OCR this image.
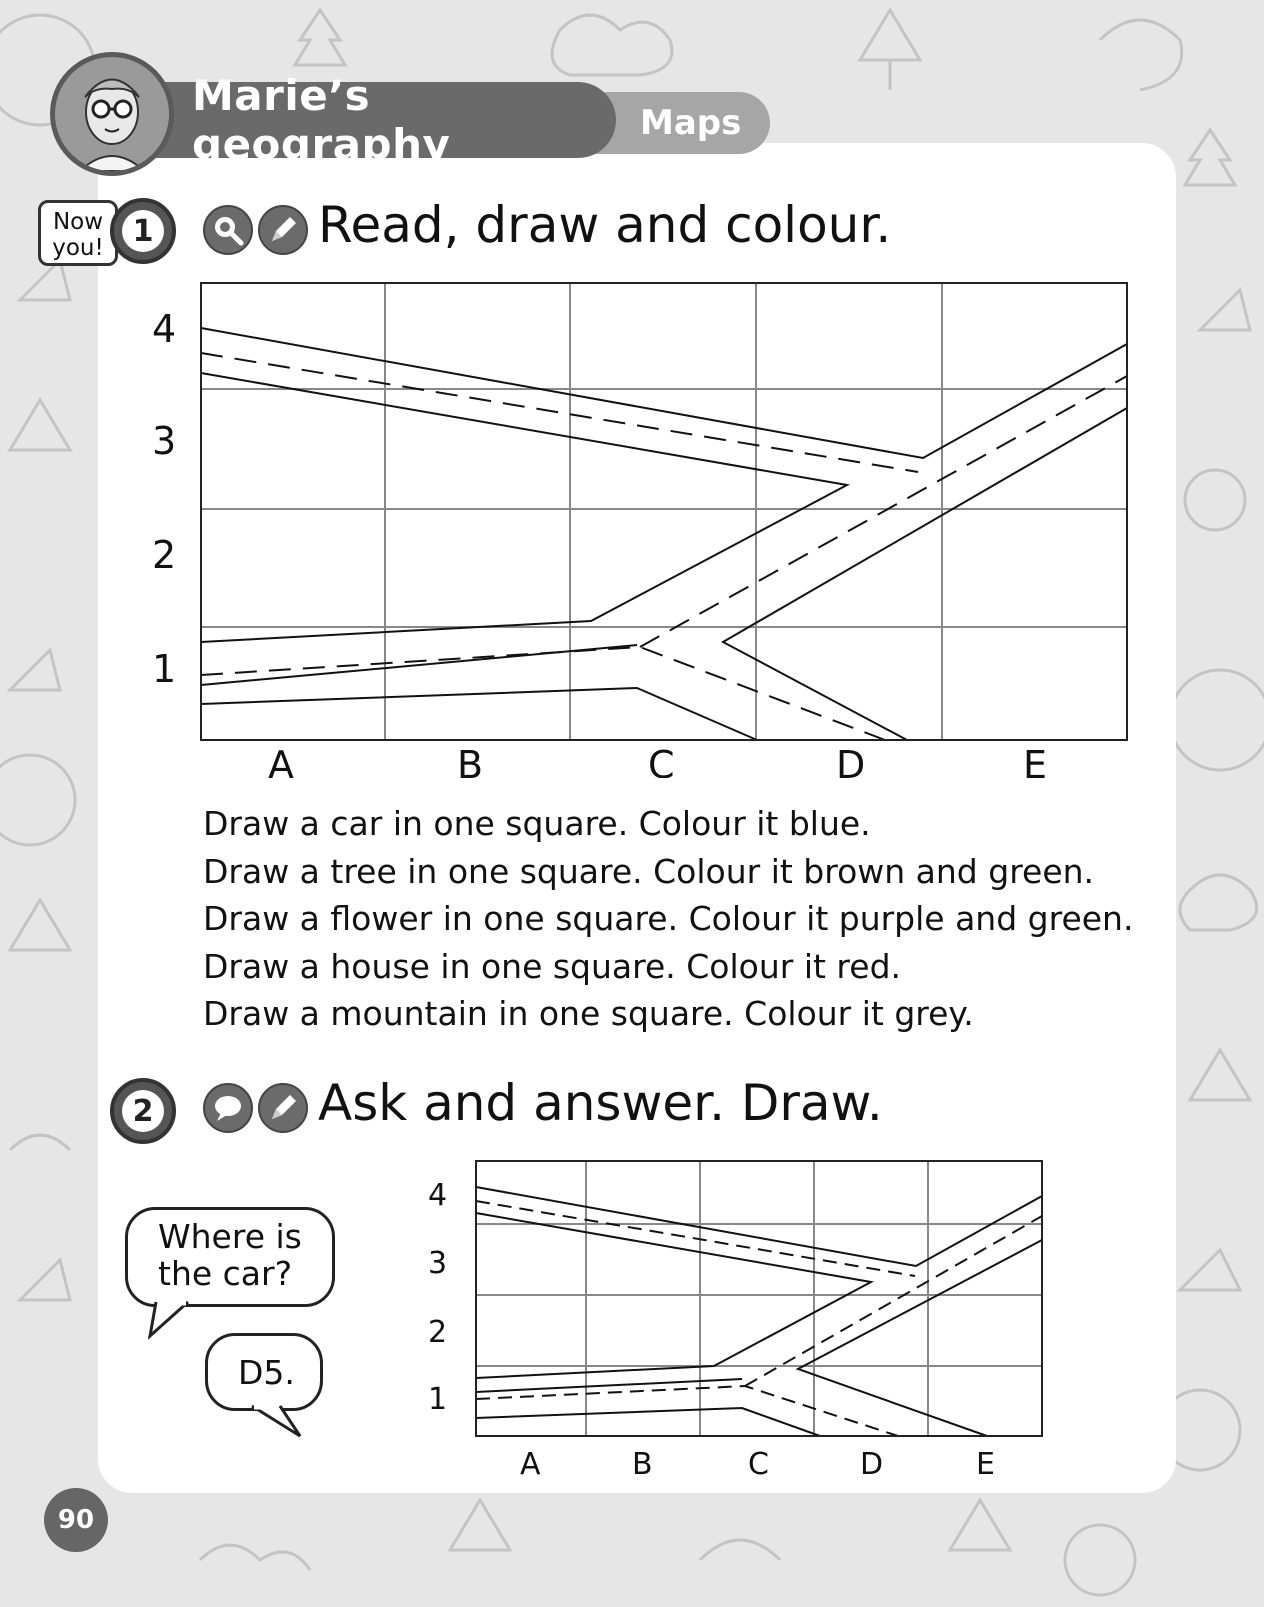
Marie’s geography	Maps
Now
you! 1	Read, draw and colour.
4
3
2
1
A	B	C	D	E
Draw a car in one square. Colour it blue.
Draw a tree in one square. Colour it brown and green.
Draw a flower in one square. Colour it purple and green.
Draw a house in one square. Colour it red.
Draw a mountain in one square. Colour it grey.
2	Ask and answer. Draw.
Where is the car?
D5.
4
3
2
1
A	B	C	D	E
90
